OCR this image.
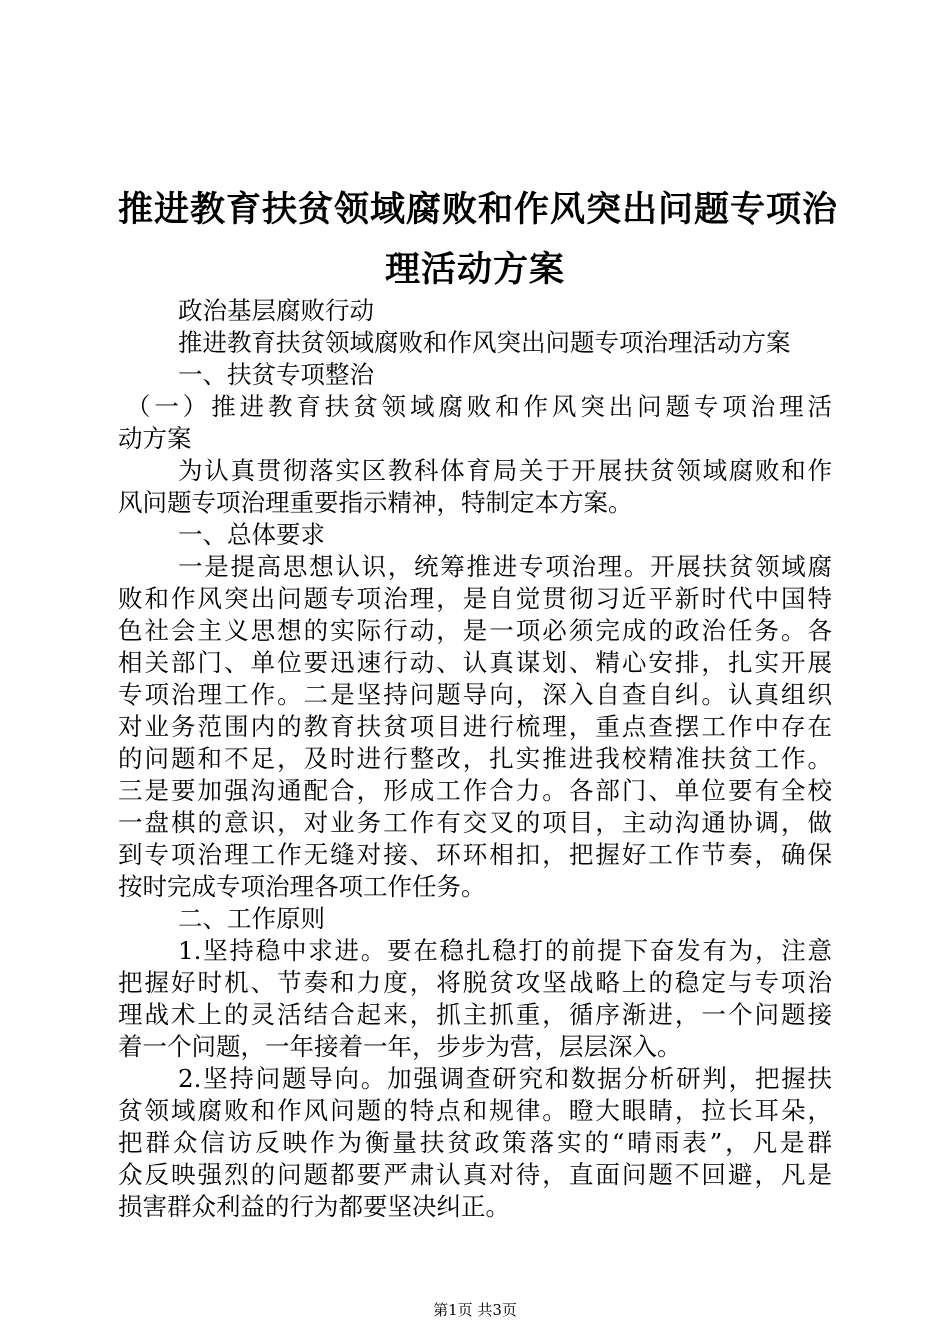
推进教育扶贫领域腐败和作风突出问题专项治
理活动方案
政治基层腐败行动
推进教育扶贫领域腐败和作风突出问题专项治理活动方案
一、扶贫专项整治
（一）推进教育扶贫领域腐败和作风突出问题专项治理活
动方案
为认真贯彻落实区教科体育局关于开展扶贫领域腐败和作
风问题专项治理重要指示精神，特制定本方案。
一、总体要求
一是提高思想认识，统筹推进专项治理。开展扶贫领域腐
败和作风突出问题专项治理，是自觉贯彻习近平新时代中国特
色社会主义思想的实际行动，是一项必须完成的政治任务。各
相关部门、单位要迅速行动、认真谋划、精心安排，扎实开展
专项治理工作。二是坚持问题导向，深入自查自纠。认真组织
对业务范围内的教育扶贫项目进行梳理，重点查摆工作中存在
的问题和不足，及时进行整改，扎实推进我校精准扶贫工作。
三是要加强沟通配合，形成工作合力。各部门、单位要有全校
一盘棋的意识，对业务工作有交叉的项目，主动沟通协调，做
到专项治理工作无缝对接、环环相扣，把握好工作节奏，确保
按时完成专项治理各项工作任务。
二、工作原则
1.坚持稳中求进。要在稳扎稳打的前提下奋发有为，注意
把握好时机、节奏和力度，将脱贫攻坚战略上的稳定与专项治
理战术上的灵活结合起来，抓主抓重，循序渐进，一个问题接
着一个问题，一年接着一年，步步为营，层层深入。
2.坚持问题导向。加强调查研究和数据分析研判，把握扶
贫领域腐败和作风问题的特点和规律。瞪大眼睛，拉长耳朵，
把群众信访反映作为衡量扶贫政策落实的“晴雨表”，凡是群
众反映强烈的问题都要严肃认真对待，直面问题不回避，凡是
损害群众利益的行为都要坚决纠正。
第1页 共3页
